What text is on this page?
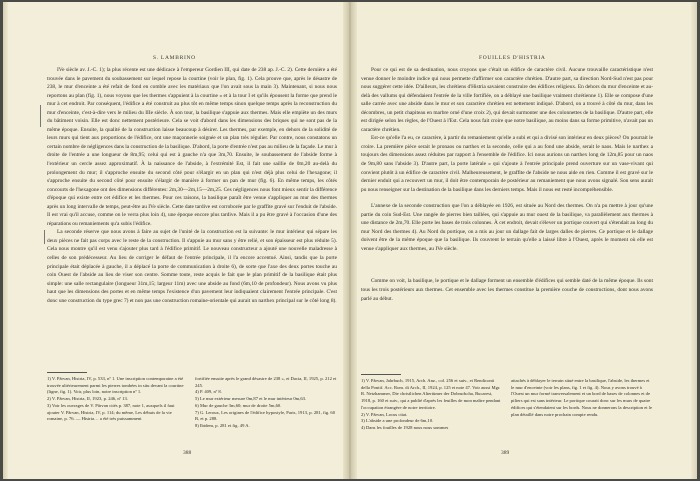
S. LAMBRINO

IVe siècle av. J.-C. 1); la plus récente est une dédicace à l'empereur Gordien III, qui date de 238 ap. J.-C. 2). Cette dernière a été trouvée dans le pavement du soubassement sur lequel repose la courtine (voir le plan, fig. 1). Cela prouve que, après le désastre de 238, le mur d'enceinte a été refait de fond en comble avec les matériaux que l'on avait sous la main 3). Maintenant, si nous nous reportons au plan (fig. 1), nous voyons que les thermes s'appuient à la courtine « et à la tour I et qu'ils épousent la forme que prend le mur à cet endroit. Par conséquent, l'édifice a été construit au plus tôt en même temps sinon quelque temps après la reconstruction du mur d'enceinte, c'est-à-dire vers le milieu du IIIe siècle. À son tour, la basilique s'appuie aux thermes. Mais elle empiète un des murs du bâtiment voisin. Elle est donc nettement postérieure. Cela se voit d'abord dans les dimensions des briques qui ne sont pas de la même époque. Ensuite, la qualité de la construction laisse beaucoup à désirer. Les thermes, par exemple, en dehors de la solidité de leurs murs qui tient aux proportions de l'édifice, ont une maçonnerie soignée et un plan très régulier. Par contre, nous constatons un certain nombre de négligences dans la construction de la basilique. D'abord, la porte d'entrée n'est pas au milieu de la façade. Le mur à droite de l'entrée a une longueur de 8m,95; celui qui est à gauche n'a que 3m,70. Ensuite, le soubassement de l'abside forme à l'extérieur un cercle assez approximatif. À la naissance de l'abside, à l'extrémité Est, il fait une saillie de 0m,20 au-delà du prolongement du mur; il s'approche ensuite du second côté pour s'élargir en un plan qui n'est déjà plus celui de l'hexagone; il s'approche ensuite du second côté pour ensuite s'élargir de manière à former un pan de mur (fig. 6). En même temps, les côtés concourts de l'hexagone ont des dimensions différentes: 2m,30—2m,15—2m,25. Ces négligences nous font mieux sentir la différence d'époque qui existe entre cet édifice et les thermes. Pour ces raisons, la basilique paraît être venue s'appliquer au mur des thermes après un long intervalle de temps, peut-être au IVe siècle. Cette date tardive est corroborée par le graffite gravé sur l'enduit de l'abside. Il est vrai qu'il accuse, comme on le verra plus loin 4), une époque encore plus tardive. Mais il a pu être gravé à l'occasion d'une des réparations ou remaniements qu'a subis l'édifice.

La seconde réserve que nous avons à faire au sujet de l'unité de la construction est la suivante: le mur intérieur qui sépare les deux pièces ne fait pas corps avec le reste de la construction. Il s'appuie au mur sans y être relié, et son épaisseur est plus réduite 5). Cela nous montre qu'il est venu s'ajouter plus tard à l'édifice primitif. Le nouveau constructeur a ajouté une nouvelle maladresse à celles de son prédécesseur. Au lieu de corriger le défaut de l'entrée principale, il l'a encore accentué. Ainsi, tandis que la porte principale était déplacée à gauche, il a déplacé la porte de communication à droite 6), de sorte que l'axe des deux portes touche au coin Ouest de l'abside au lieu de viser son centre. Somme toute, reste acquis le fait que le plan primitif de la basilique était plus simple: une salle rectangulaire (longueur 31m,15; largeur 11m) avec une abside au fond (6m,10 de profondeur). Nous avons vu plus haut que les dimensions des portes et en même temps l'existence d'un pavement leur indiquaient clairement l'entrée principale. C'est donc une construction du type grec 7) et non pas une construction romaine-orientale qui aurait un narthex principal sur le côté long 8).

1) V. Pârvan, Histria, IV, p. 533, nº 1. Une inscription contemporaine a été trouvée ultérieurement parmi les pierres tombées in situ devant la courtine (ligne, fig. 1). Voir, plus loin, notre inscription nº 1.
2) V. Pârvan, Histria, II, 1923, p. 246, nº 13.
3) Voir les ouvrages de V. Pârvan cités p. 387, note 1, auxquels il faut ajouter V. Pârvan, Histria, IV, p. 114; du même, Les débuts de la vie romaine, p. 76. — Histria… a été très puissamment
fortifiée ensuite après le grand désastre de 238 », et Dacia, II, 1925, p. 212 et 245.
4) P. 409, nº 8.
5) Le mur extérieur mesure 0m,87 et le mur intérieur 0m,63.
6) Mur de gauche 3m,60; mur de droite 5m,60.
7) G. Leroux, Les origines de l'édifice hypostyle, Paris, 1913, p. 281, fig. 60 B, et p. 288.
8) Ibidem, p. 281 et fig. 49 A.
388
FOUILLES D'HISTRIA

Pour ce qui est de sa destination, nous croyons que c'était un édifice de caractère civil. Aucune trouvaille caractéristique n'est venue donner le moindre indice qui nous permette d'affirmer son caractère chrétien. D'autre part, sa direction Nord-Sud n'est pas pour nous suggérer cette idée. D'ailleurs, les chrétiens d'Histria savaient construire des édifices religieux. En dehors du mur d'enceinte et au-delà des vallums qui défendaient l'entrée de la ville fortifiée, on a déblayé une basilique vraiment chrétienne 1). Elle se compose d'une salle carrée avec une abside dans le mur et son caractère chrétien est nettement indiqué. D'abord, on a trouvé à côté du mur, dans les décombres, un petit chapiteau en marbre orné d'une croix 2), qui devait surmonter une des colonnettes de la basilique. D'autre part, elle est dirigée selon les règles, de l'Ouest à l'Est. Cela nous fait croire que notre basilique, au moins dans sa forme primitive, n'avait pas un caractère chrétien.

Est-ce qu'elle l'a eu, ce caractère, à partir du remaniement qu'elle a subi et qui a divisé son intérieur en deux pièces? On pourrait le croire. La première pièce serait le pronaos ou narthex et la seconde, celle qui a au fond une abside, serait le naos. Mais le narthex a toujours des dimensions assez réduites par rapport à l'ensemble de l'édifice. Ici nous aurions un narthex long de 12m,85 pour un naos de 9m,80 sans l'abside 3). D'autre part, la porte latérale « qui s'ajoute à l'entrée principale prend ouverture sur un vase-vivant qui convient plutôt à un édifice de caractère civil. Malheureusement, le graffite de l'abside ne nous aide en rien. Comme il est gravé sur le dernier enduit qui a recouvert un mur, il doit être contemporain de postérieur au remaniement que nous avons signalé. Son sens aurait pu nous renseigner sur la destination de la basilique dans les derniers temps. Mais il nous est resté incompréhensible.

L'annexe de la seconde construction que l'on a déblayée en 1926, est située au Nord des thermes. On n'a pu mettre à jour qu'une partie du coin Sud-Est. Une rangée de pierres bien taillées, qui s'appuie au mur ouest de la basilique, va parallèlement aux thermes à une distance de 2m,70. Elle porte les bases de trois colonnes. À cet endroit, devait s'élever un portique couvert qui s'étendait au long du mur Nord des thermes 4). Au Nord du portique, on a mis au jour un dallage fait de larges dalles de pierres. Ce portique et le dallage doivent être de la même époque que la basilique. Ils couvrent le terrain qu'elle a laissé libre à l'Ouest, après le moment où elle est venue s'appliquer aux thermes, au IVe siècle.

Comme on voit, la basilique, le portique et le dallage forment un ensemble d'édifices qui semble daté de la même époque. Ils sont tous les trois postérieurs aux thermes. Cet ensemble avec les thermes constitue la première couche de constructions, dont nous avons parlé au début.

1) V. Pârvan, Jahrbuch, 1915, Arch. Anz., col. 256 et suiv., et Rendiconti della Pontif. Acc. Rom. di Arch., II, 1924, p. 125 et note 47. Voir aussi Mgr. R. Netzhammer, Die christlichen Altertümer der Dobrudscha, Bucarest, 1918, p. 160 et suiv., qui a publié d'après les feuilles de mon maître pendant l'occupation étrangère de notre territoire.
2) V. Pârvan, Locus citat.
3) L'abside a une profondeur de 6m,10.
4) Dans les fouilles de 1928 nous nous sommes
attachés à déblayer le terrain situé entre la basilique, l'abside, les thermes et le mur d'enceinte (voir les plans, fig. 1 et fig. 4). Nous y avons trouvé à l'Ouest un mur formé tranversalement et un bord de bases de colonnes et de piliers qui est sans intérieur. Le portique courait donc sur les murs de quatre édifices qui s'étendaient sur les bords. Nous ne donnerons la description et le plan détaillé dans notre prochain compte rendu.
389
